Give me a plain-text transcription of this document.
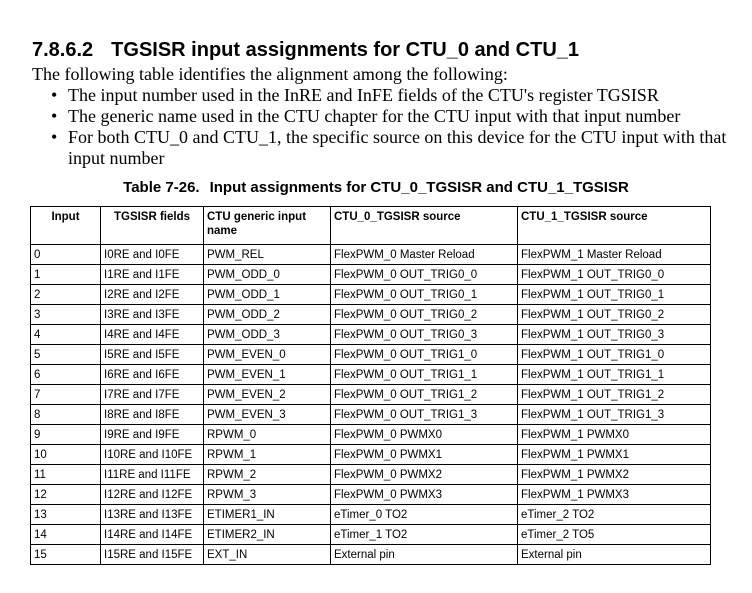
7.8.6.2 TGSISR input assignments for CTU_0 and CTU_1
The following table identifies the alignment among the following:
• The input number used in the InRE and InFE fields of the CTU's register TGSISR
• The generic name used in the CTU chapter for the CTU input with that input number
• For both CTU_0 and CTU_1, the specific source on this device for the CTU input with that input number
Table 7-26. Input assignments for CTU_0_TGSISR and CTU_1_TGSISR
Input	TGSISR fields	CTU generic input name	CTU_0_TGSISR source	CTU_1_TGSISR source
0	I0RE and I0FE	PWM_REL	FlexPWM_0 Master Reload	FlexPWM_1 Master Reload
1	I1RE and I1FE	PWM_ODD_0	FlexPWM_0 OUT_TRIG0_0	FlexPWM_1 OUT_TRIG0_0
2	I2RE and I2FE	PWM_ODD_1	FlexPWM_0 OUT_TRIG0_1	FlexPWM_1 OUT_TRIG0_1
3	I3RE and I3FE	PWM_ODD_2	FlexPWM_0 OUT_TRIG0_2	FlexPWM_1 OUT_TRIG0_2
4	I4RE and I4FE	PWM_ODD_3	FlexPWM_0 OUT_TRIG0_3	FlexPWM_1 OUT_TRIG0_3
5	I5RE and I5FE	PWM_EVEN_0	FlexPWM_0 OUT_TRIG1_0	FlexPWM_1 OUT_TRIG1_0
6	I6RE and I6FE	PWM_EVEN_1	FlexPWM_0 OUT_TRIG1_1	FlexPWM_1 OUT_TRIG1_1
7	I7RE and I7FE	PWM_EVEN_2	FlexPWM_0 OUT_TRIG1_2	FlexPWM_1 OUT_TRIG1_2
8	I8RE and I8FE	PWM_EVEN_3	FlexPWM_0 OUT_TRIG1_3	FlexPWM_1 OUT_TRIG1_3
9	I9RE and I9FE	RPWM_0	FlexPWM_0 PWMX0	FlexPWM_1 PWMX0
10	I10RE and I10FE	RPWM_1	FlexPWM_0 PWMX1	FlexPWM_1 PWMX1
11	I11RE and I11FE	RPWM_2	FlexPWM_0 PWMX2	FlexPWM_1 PWMX2
12	I12RE and I12FE	RPWM_3	FlexPWM_0 PWMX3	FlexPWM_1 PWMX3
13	I13RE and I13FE	ETIMER1_IN	eTimer_0 TO2	eTimer_2 TO2
14	I14RE and I14FE	ETIMER2_IN	eTimer_1 TO2	eTimer_2 TO5
15	I15RE and I15FE	EXT_IN	External pin	External pin
